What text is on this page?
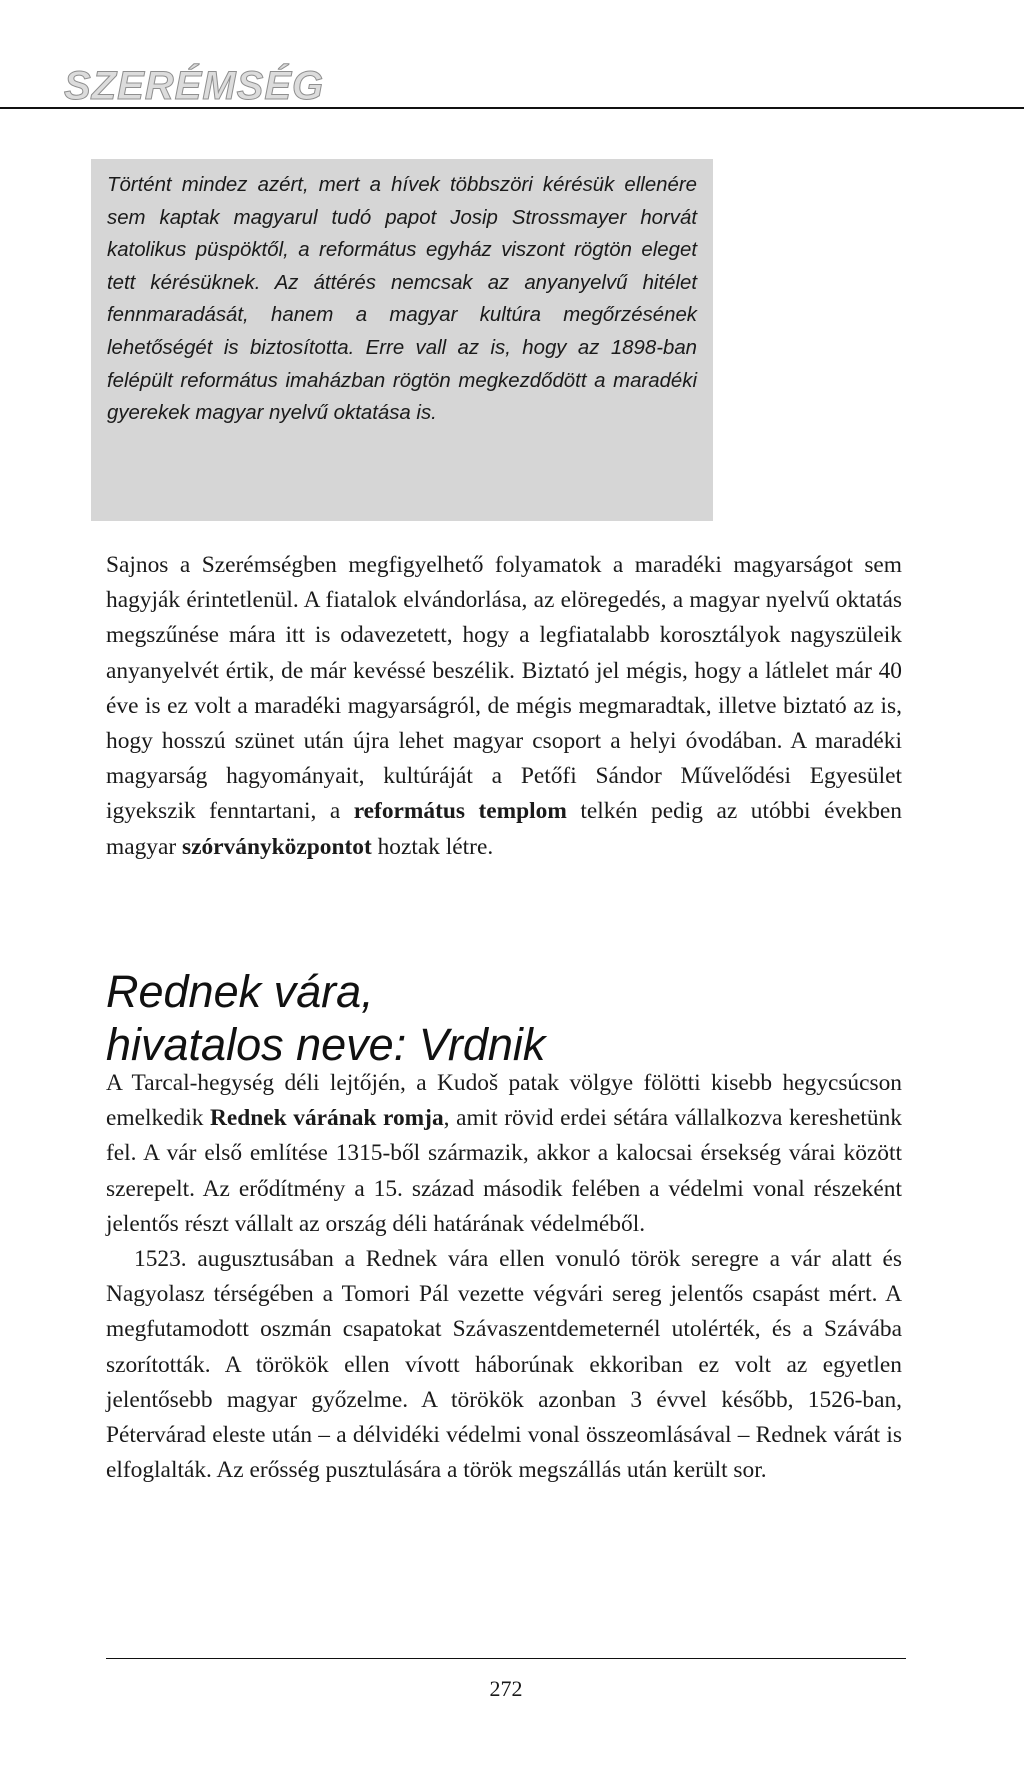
SZERÉMSÉG

Történt mindez azért, mert a hívek többszöri kérésük ellenére sem kaptak magyarul tudó papot Josip Strossmayer horvát katolikus püspöktől, a református egyház viszont rögtön eleget tett kérésüknek. Az áttérés nemcsak az anyanyelvű hitélet fennmaradását, hanem a magyar kultúra megőrzésének lehetőségét is biztosította. Erre vall az is, hogy az 1898-ban felépült református imaházban rögtön megkezdődött a maradéki gyerekek magyar nyelvű oktatása is.

Sajnos a Szerémségben megfigyelhető folyamatok a maradéki magyarságot sem hagyják érintetlenül. A fiatalok elvándorlása, az elöregedés, a magyar nyelvű oktatás megszűnése mára itt is odavezetett, hogy a legfiatalabb korosztályok nagyszüleik anyanyelvét értik, de már kevéssé beszélik. Biztató jel mégis, hogy a látlelet már 40 éve is ez volt a maradéki magyarságról, de mégis megmaradtak, illetve biztató az is, hogy hosszú szünet után újra lehet magyar csoport a helyi óvodában. A maradéki magyarság hagyományait, kultúráját a Petőfi Sándor Művelődési Egyesület igyekszik fenntartani, a református templom telkén pedig az utóbbi években magyar szórványközpontot hoztak létre.

Rednek vára,
hivatalos neve: Vrdnik

A Tarcal-hegység déli lejtőjén, a Kudoš patak völgye fölötti kisebb hegycsúcson emelkedik Rednek várának romja, amit rövid erdei sétára vállalkozva kereshetünk fel. A vár első említése 1315-ből származik, akkor a kalocsai érsekség várai között szerepelt. Az erődítmény a 15. század második felében a védelmi vonal részeként jelentős részt vállalt az ország déli határának védelméből.

1523. augusztusában a Rednek vára ellen vonuló török seregre a vár alatt és Nagyolasz térségében a Tomori Pál vezette végvári sereg jelentős csapást mért. A megfutamodott oszmán csapatokat Szávaszentdemeternél utolérték, és a Szávába szorították. A törökök ellen vívott háborúnak ekkoriban ez volt az egyetlen jelentősebb magyar győzelme. A törökök azonban 3 évvel később, 1526-ban, Pétervárad eleste után – a délvidéki védelmi vonal összeomlásával – Rednek várát is elfoglalták. Az erősség pusztulására a török megszállás után került sor.

272
